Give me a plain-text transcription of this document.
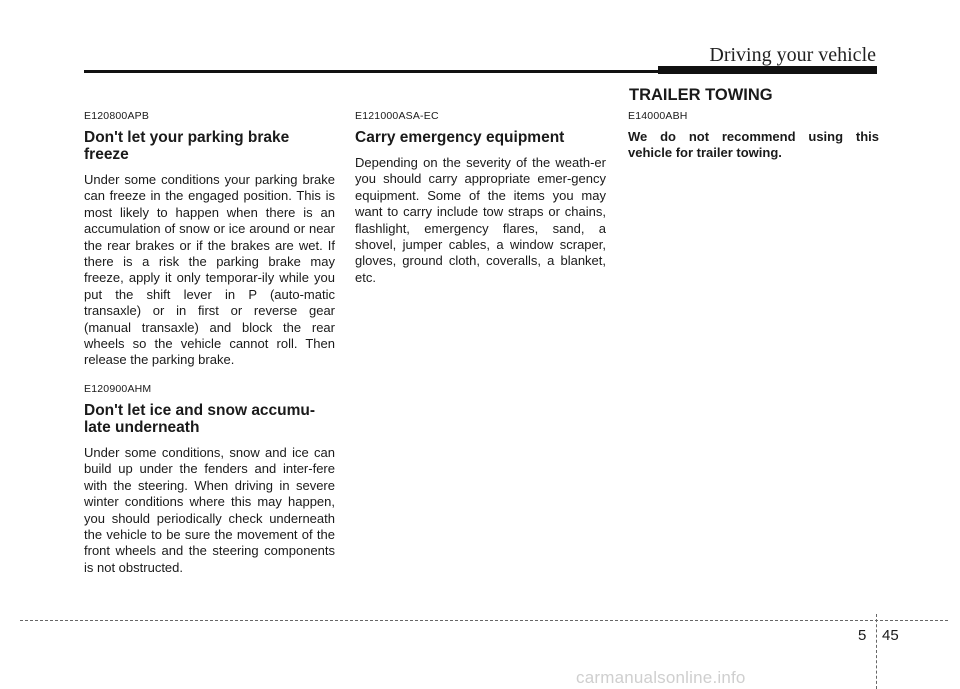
Driving your vehicle

E120800APB

Don't let your parking brake freeze

Under some conditions your parking brake can freeze in the engaged position. This is most likely to happen when there is an accumulation of snow or ice around or near the rear brakes or if the brakes are wet. If there is a risk the parking brake may freeze, apply it only temporar-ily while you put the shift lever in P (auto-matic transaxle) or in first or reverse gear (manual transaxle) and block the rear wheels so the vehicle cannot roll. Then release the parking brake.

E120900AHM

Don't let ice and snow accumu-late underneath

Under some conditions, snow and ice can build up under the fenders and inter-fere with the steering. When driving in severe winter conditions where this may happen, you should periodically check underneath the vehicle to be sure the movement of the front wheels and the steering components is not obstructed.

E121000ASA-EC

Carry emergency equipment

Depending on the severity of the weath-er you should carry appropriate emer-gency equipment. Some of the items you may want to carry include tow straps or chains, flashlight, emergency flares, sand, a shovel, jumper cables, a window scraper, gloves, ground cloth, coveralls, a blanket, etc.

TRAILER TOWING

E14000ABH

We do not recommend using this vehicle for trailer towing.

5 45
carmanualsonline.info
